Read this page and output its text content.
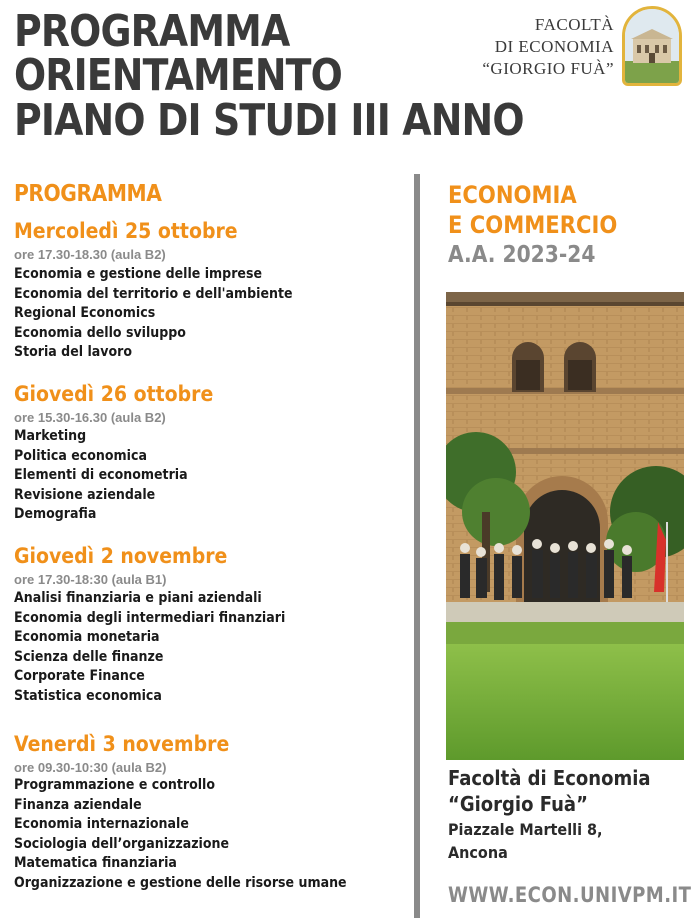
PROGRAMMA
ORIENTAMENTO
PIANO DI STUDI III ANNO
FACOLTÀ
DI ECONOMIA
“GIORGIO FUÀ”
PROGRAMMA
Mercoledì 25 ottobre
ore 17.30-18.30 (aula B2)
Economia e gestione delle imprese
Economia del territorio e dell'ambiente
Regional Economics
Economia dello sviluppo
Storia del lavoro
Giovedì 26 ottobre
ore 15.30-16.30 (aula B2)
Marketing
Politica economica
Elementi di econometria
Revisione aziendale
Demografia
Giovedì 2 novembre
ore 17.30-18:30 (aula B1)
Analisi finanziaria e piani aziendali
Economia degli intermediari finanziari
Economia monetaria
Scienza delle finanze
Corporate Finance
Statistica economica
Venerdì 3 novembre
ore 09.30-10:30 (aula B2)
Programmazione e controllo
Finanza aziendale
Economia internazionale
Sociologia dell’organizzazione
Matematica finanziaria
Organizzazione e gestione delle risorse umane
ECONOMIA
E COMMERCIO
A.A. 2023-24
Facoltà di Economia
“Giorgio Fuà”
Piazzale Martelli 8,
Ancona
WWW.ECON.UNIVPM.IT
